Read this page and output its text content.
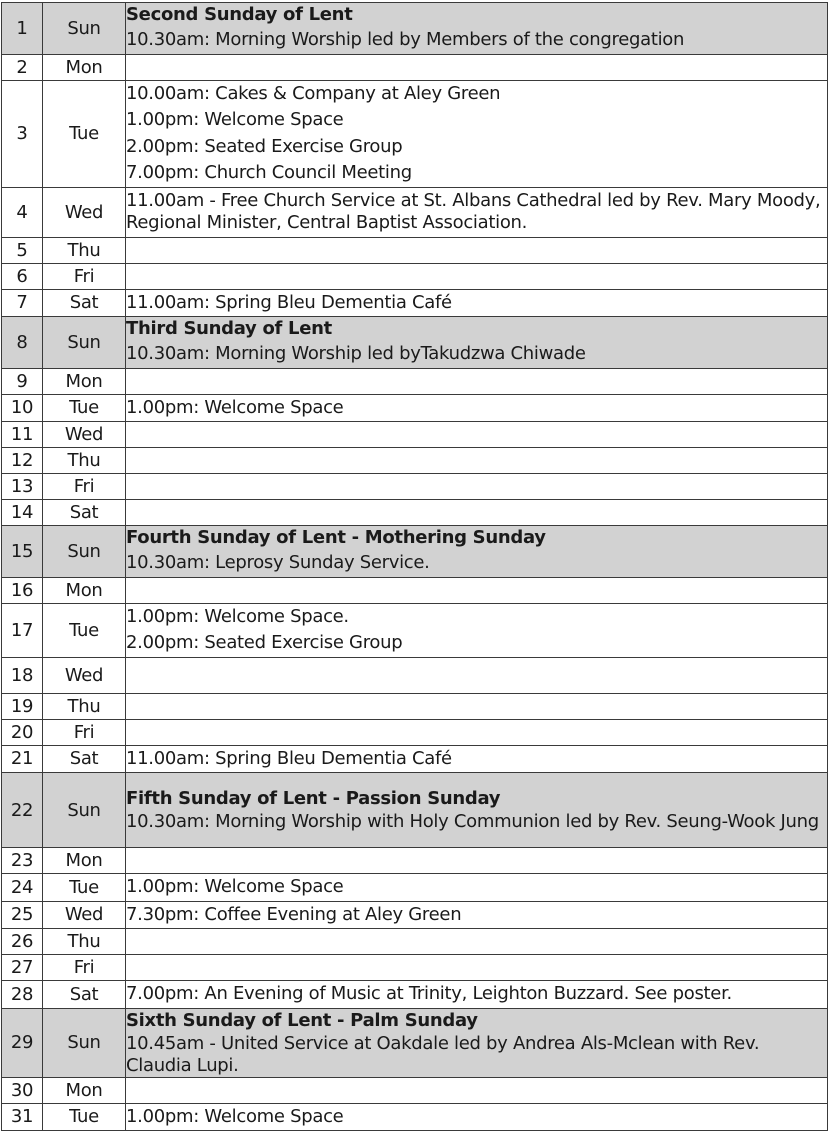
1	Sun	Second Sunday of Lent
10.30am: Morning Worship led by Members of the congregation

2	Mon	
3	Tue	10.00am: Cakes & Company at Aley Green
1.00pm: Welcome Space
2.00pm: Seated Exercise Group
7.00pm: Church Council Meeting

4	Wed	11.00am - Free Church Service at St. Albans Cathedral led by Rev. Mary Moody, Regional Minister, Central Baptist Association.

5	Thu	
6	Fri	
7	Sat	11.00am: Spring Bleu Dementia Café

8	Sun	Third Sunday of Lent
10.30am: Morning Worship led byTakudzwa Chiwade

9	Mon	
10	Tue	1.00pm: Welcome Space

11	Wed	
12	Thu	
13	Fri	
14	Sat	
15	Sun	Fourth Sunday of Lent - Mothering Sunday
10.30am: Leprosy Sunday Service.

16	Mon	
17	Tue	1.00pm: Welcome Space.
2.00pm: Seated Exercise Group

18	Wed	
19	Thu	
20	Fri	
21	Sat	11.00am: Spring Bleu Dementia Café

22	Sun	Fifth Sunday of Lent - Passion Sunday
10.30am: Morning Worship with Holy Communion led by Rev. Seung-Wook Jung

23	Mon	
24	Tue	1.00pm: Welcome Space

25	Wed	7.30pm: Coffee Evening at Aley Green

26	Thu	
27	Fri	
28	Sat	7.00pm: An Evening of Music at Trinity, Leighton Buzzard. See poster.

29	Sun	Sixth Sunday of Lent - Palm Sunday
10.45am - United Service at Oakdale led by Andrea Als-Mclean with Rev. Claudia Lupi.

30	Mon	
31	Tue	1.00pm: Welcome Space
